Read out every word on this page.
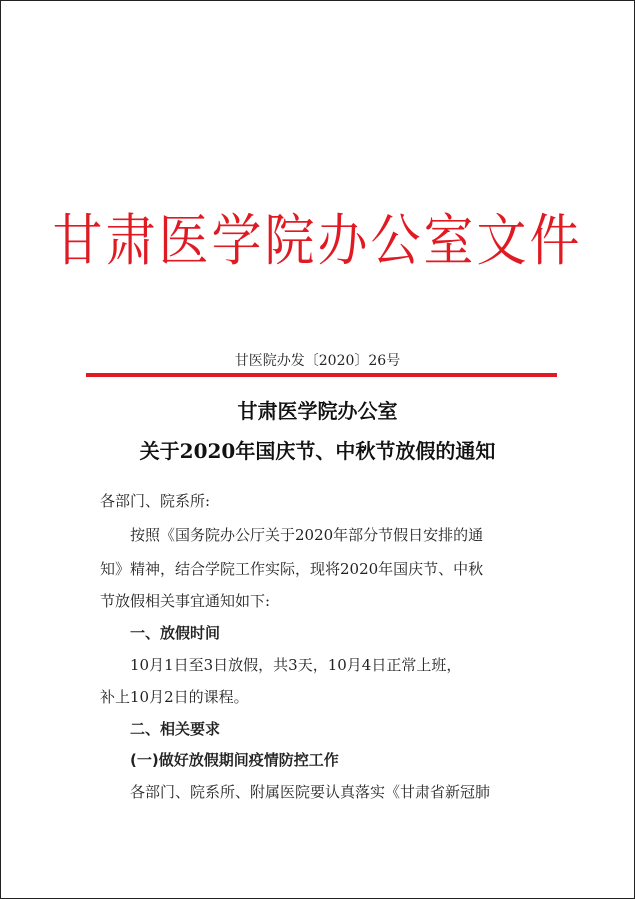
甘肃医学院办公室文件
甘医院办发〔2020〕26号
甘肃医学院办公室
关于2020年国庆节、中秋节放假的通知
各部门、院系所:
按照《国务院办公厅关于2020年部分节假日安排的通
知》精神，结合学院工作实际，现将2020年国庆节、中秋
节放假相关事宜通知如下:
一、放假时间
10月1日至3日放假，共3天，10月4日正常上班，
补上10月2日的课程。
二、相关要求
(一)做好放假期间疫情防控工作
各部门、院系所、附属医院要认真落实《甘肃省新冠肺
